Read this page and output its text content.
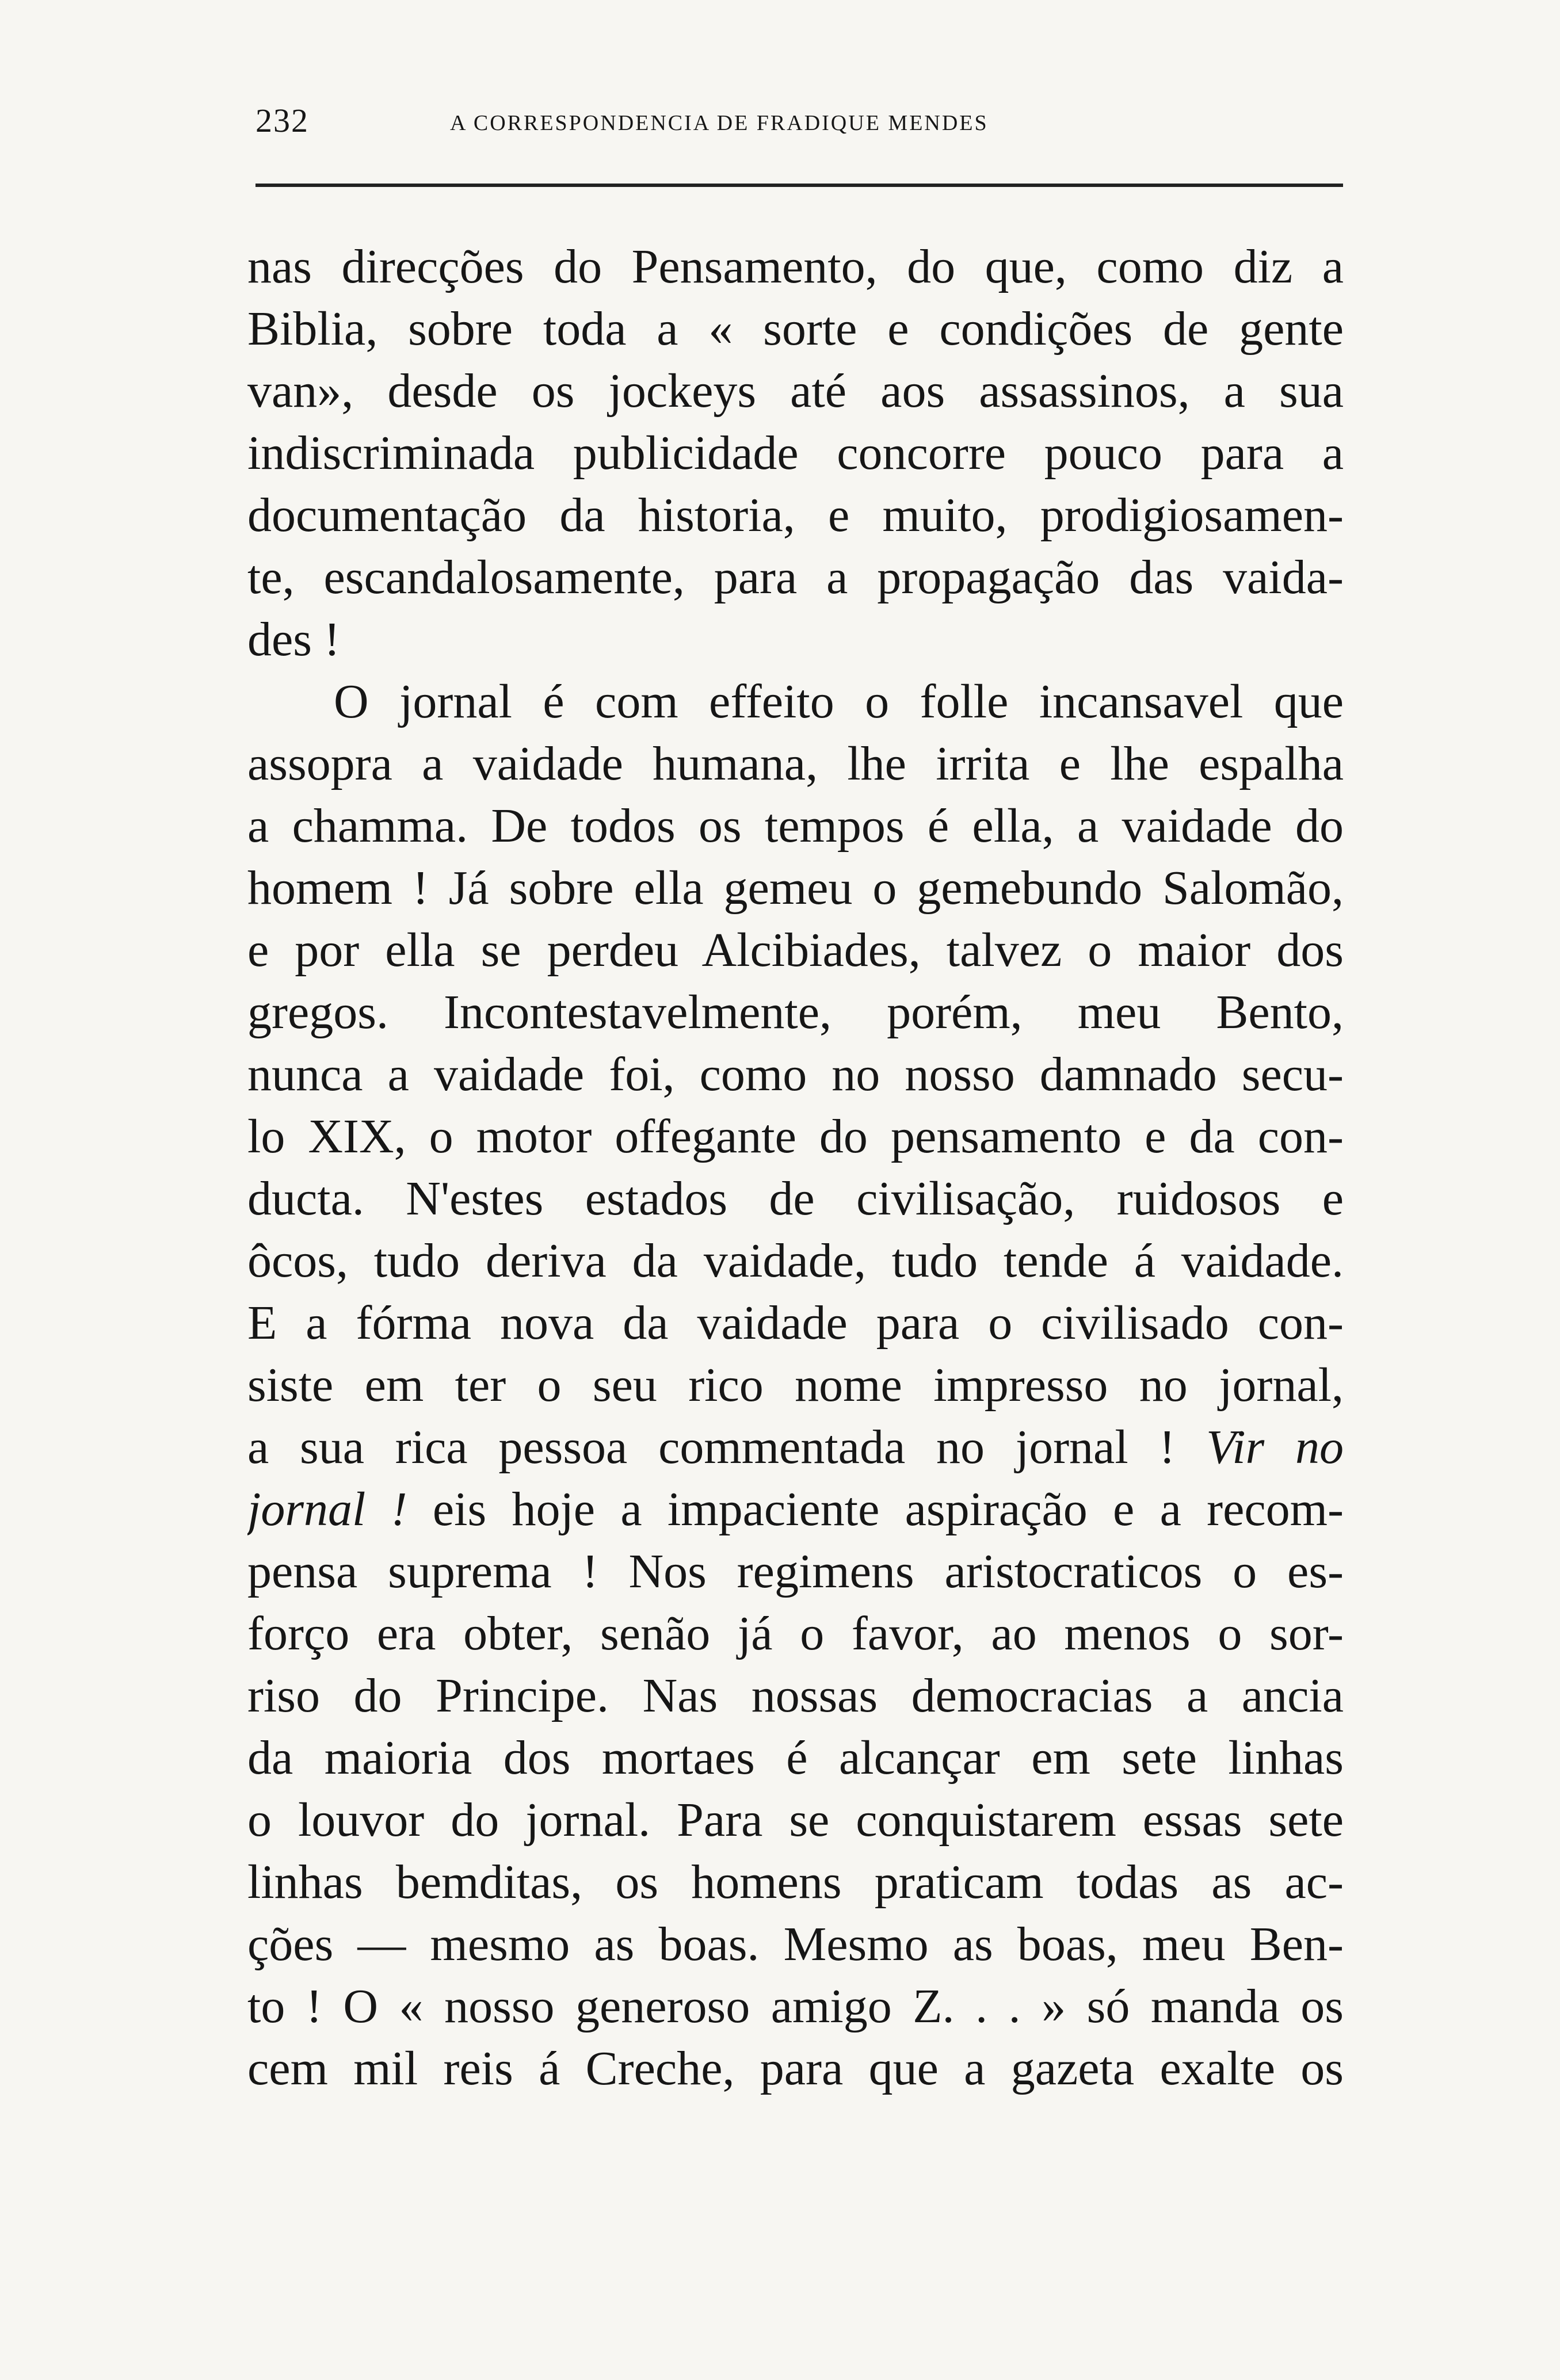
232	A CORRESPONDENCIA DE FRADIQUE MENDES
nas direcções do Pensamento, do que, como diz a
Biblia, sobre toda a « sorte e condições de gente
van», desde os jockeys até aos assassinos, a sua
indiscriminada publicidade concorre pouco para a
documentação da historia, e muito, prodigiosamen-
te, escandalosamente, para a propagação das vaida-
des !
O jornal é com effeito o folle incansavel que
assopra a vaidade humana, lhe irrita e lhe espalha
a chamma. De todos os tempos é ella, a vaidade do
homem ! Já sobre ella gemeu o gemebundo Salomão,
e por ella se perdeu Alcibiades, talvez o maior dos
gregos. Incontestavelmente, porém, meu Bento,
nunca a vaidade foi, como no nosso damnado secu-
lo XIX, o motor offegante do pensamento e da con-
ducta. N'estes estados de civilisação, ruidosos e
ôcos, tudo deriva da vaidade, tudo tende á vaidade.
E a fórma nova da vaidade para o civilisado con-
siste em ter o seu rico nome impresso no jornal,
a sua rica pessoa commentada no jornal ! Vir no
jornal ! eis hoje a impaciente aspiração e a recom-
pensa suprema ! Nos regimens aristocraticos o es-
forço era obter, senão já o favor, ao menos o sor-
riso do Principe. Nas nossas democracias a ancia
da maioria dos mortaes é alcançar em sete linhas
o louvor do jornal. Para se conquistarem essas sete
linhas bemditas, os homens praticam todas as ac-
ções — mesmo as boas. Mesmo as boas, meu Ben-
to ! O « nosso generoso amigo Z. . . » só manda os
cem mil reis á Creche, para que a gazeta exalte os
